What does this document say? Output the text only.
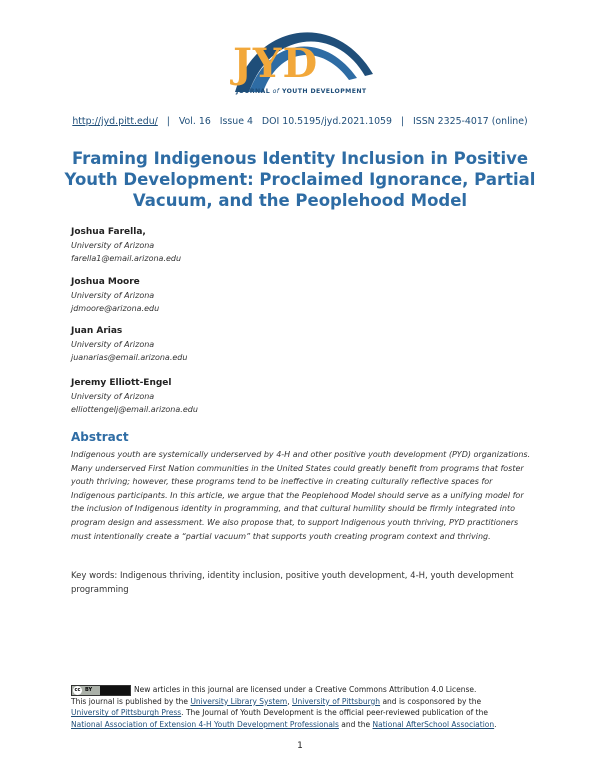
JYD
JOURNAL of YOUTH DEVELOPMENT
http://jyd.pitt.edu/   |   Vol. 16 Issue 4 DOI 10.5195/jyd.2021.1059   |   ISSN 2325-4017 (online)
Framing Indigenous Identity Inclusion in Positive Youth Development: Proclaimed Ignorance, Partial Vacuum, and the Peoplehood Model
Joshua Farella,
University of Arizona
farella1@email.arizona.edu
Joshua Moore
University of Arizona
jdmoore@arizona.edu
Juan Arias
University of Arizona
juanarias@email.arizona.edu
Jeremy Elliott-Engel
University of Arizona
elliottengelj@email.arizona.edu
Abstract
Indigenous youth are systemically underserved by 4-H and other positive youth development (PYD) organizations. Many underserved First Nation communities in the United States could greatly benefit from programs that foster youth thriving; however, these programs tend to be ineffective in creating culturally reflective spaces for Indigenous participants. In this article, we argue that the Peoplehood Model should serve as a unifying model for the inclusion of Indigenous identity in programming, and that cultural humility should be firmly integrated into program design and assessment. We also propose that, to support Indigenous youth thriving, PYD practitioners must intentionally create a “partial vacuum” that supports youth creating program context and thriving.
Key words: Indigenous thriving, identity inclusion, positive youth development, 4-H, youth development programming
cc BY	New articles in this journal are licensed under a Creative Commons Attribution 4.0 License.
This journal is published by the University Library System, University of Pittsburgh and is cosponsored by the
University of Pittsburgh Press. The Journal of Youth Development is the official peer-reviewed publication of the
National Association of Extension 4-H Youth Development Professionals and the National AfterSchool Association.
1
